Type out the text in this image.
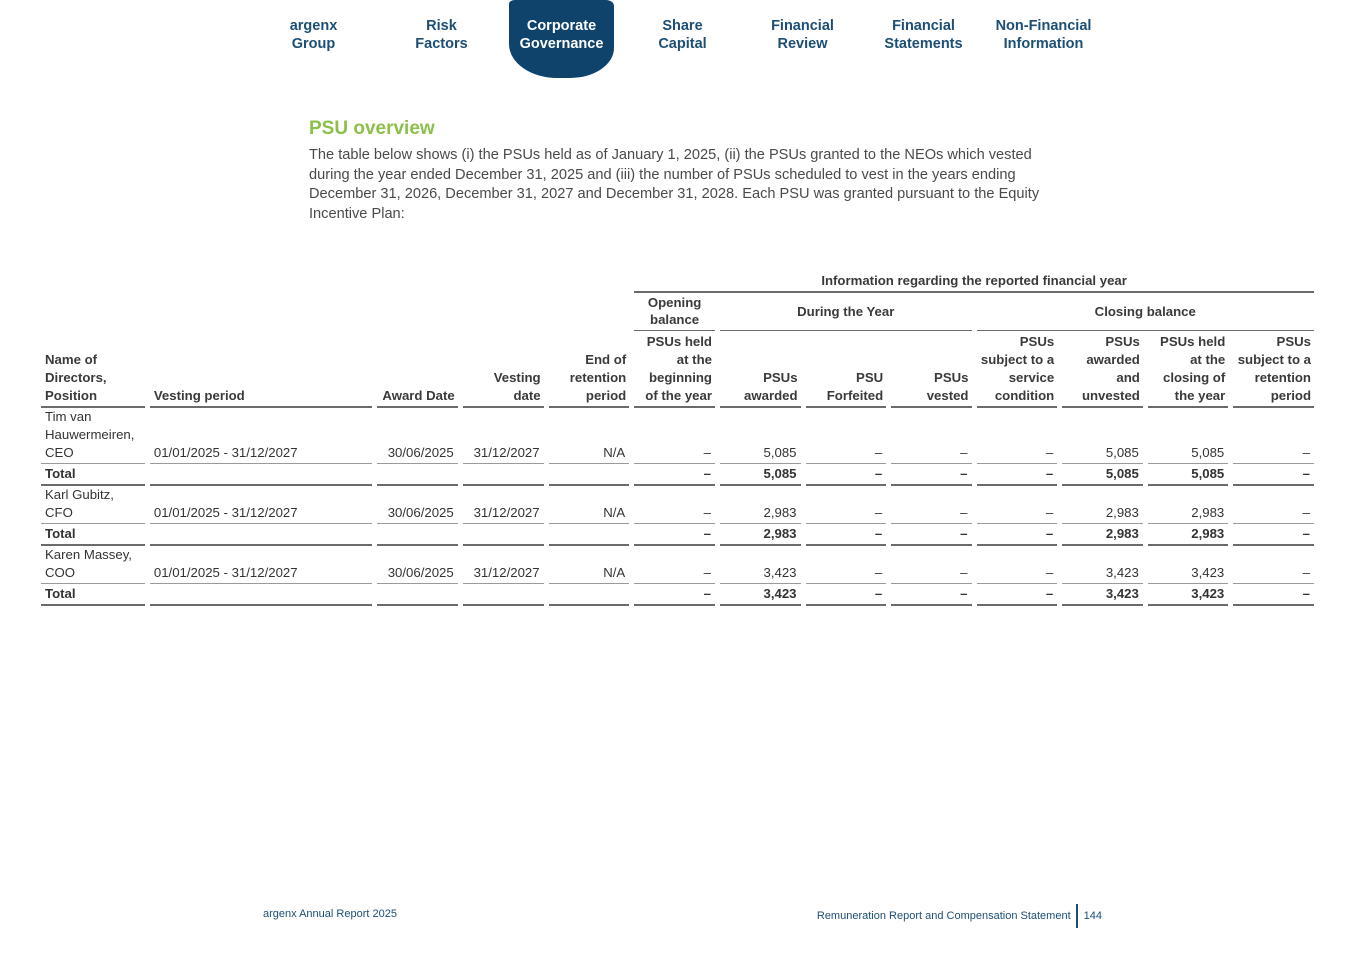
argenx
Group
Risk
Factors
Corporate
Governance
Share
Capital
Financial
Review
Financial
Statements
Non-Financial
Information
PSU overview
The table below shows (i) the PSUs held as of January 1, 2025, (ii) the PSUs granted to the NEOs which vested during the year ended December 31, 2025 and (iii) the number of PSUs scheduled to vest in the years ending December 31, 2026, December 31, 2027 and December 31, 2028. Each PSU was granted pursuant to the Equity Incentive Plan:
					Information regarding the reported financial year							
					Opening balance	During the Year			Closing balance			
Name of Directors, Position	Vesting period	Award Date	Vesting date	End of retention period	PSUs held at the beginning of the year	PSUs awarded	PSU Forfeited	PSUs vested	PSUs subject to a service condition	PSUs awarded and unvested	PSUs held at the closing of the year	PSUs subject to a retention period
Tim van Hauwermeiren, CEO	01/01/2025 - 31/12/2027	30/06/2025	31/12/2027	N/A	–	5,085	–	–	–	5,085	5,085	–
Total					–	5,085	–	–	–	5,085	5,085	–
Karl Gubitz, CFO	01/01/2025 - 31/12/2027	30/06/2025	31/12/2027	N/A	–	2,983	–	–	–	2,983	2,983	–
Total					–	2,983	–	–	–	2,983	2,983	–
Karen Massey, COO	01/01/2025 - 31/12/2027	30/06/2025	31/12/2027	N/A	–	3,423	–	–	–	3,423	3,423	–
Total					–	3,423	–	–	–	3,423	3,423	–
argenx Annual Report 2025	Remuneration Report and Compensation Statement 144
